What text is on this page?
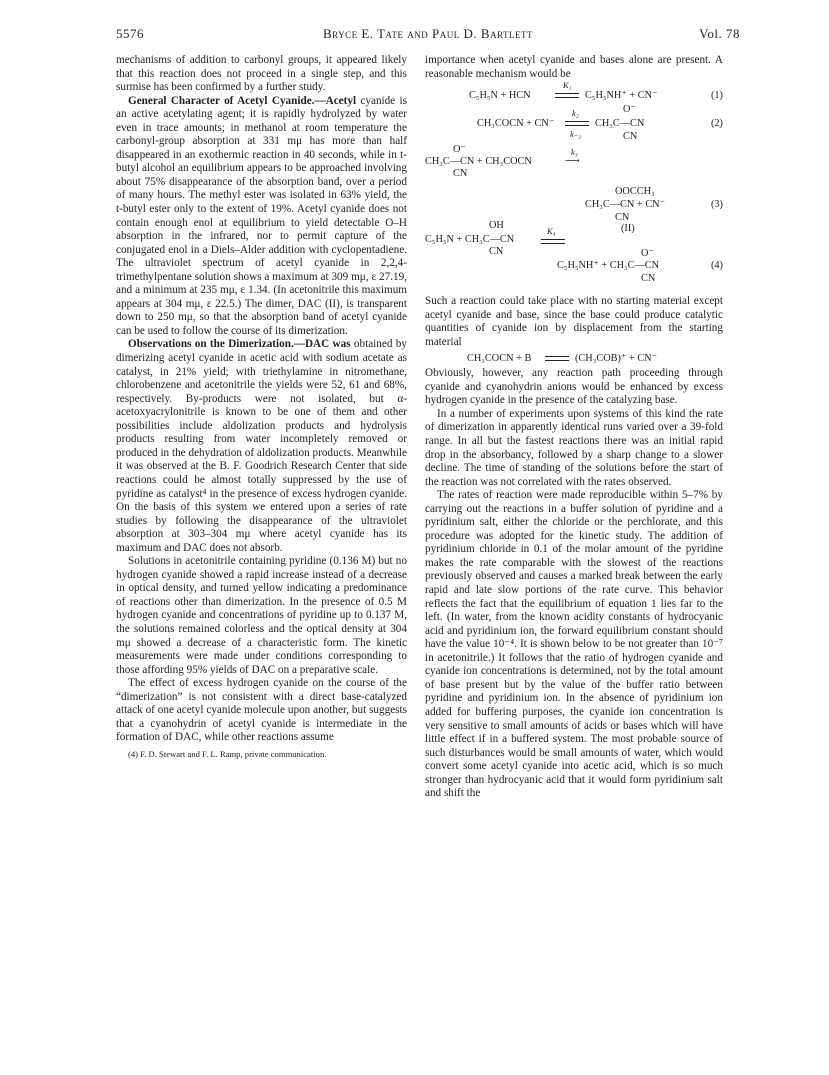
5576	Bryce E. Tate and Paul D. Bartlett	Vol. 78

mechanisms of addition to carbonyl groups, it appeared likely that this reaction does not proceed in a single step, and this surmise has been confirmed by a further study.

General Character of Acetyl Cyanide.—Acetyl cyanide is an active acetylating agent; it is rapidly hydrolyzed by water even in trace amounts; in methanol at room temperature the carbonyl-group absorption at 331 mμ has more than half disappeared in an exothermic reaction in 40 seconds, while in t-butyl alcohol an equilibrium appears to be approached involving about 75% disappearance of the absorption band, over a period of many hours. The methyl ester was isolated in 63% yield, the t-butyl ester only to the extent of 19%. Acetyl cyanide does not contain enough enol at equilibrium to yield detectable O–H absorption in the infrared, nor to permit capture of the conjugated enol in a Diels–Alder addition with cyclopentadiene. The ultraviolet spectrum of acetyl cyanide in 2,2,4-trimethylpentane solution shows a maximum at 309 mμ, ε 27.19, and a minimum at 235 mμ, ε 1.34. (In acetonitrile this maximum appears at 304 mμ, ε 22.5.) The dimer, DAC (II), is transparent down to 250 mμ, so that the absorption band of acetyl cyanide can be used to follow the course of its dimerization.

Observations on the Dimerization.—DAC was obtained by dimerizing acetyl cyanide in acetic acid with sodium acetate as catalyst, in 21% yield; with triethylamine in nitromethane, chlorobenzene and acetonitrile the yields were 52, 61 and 68%, respectively. By-products were not isolated, but α-acetoxyacrylonitrile is known to be one of them and other possibilities include aldolization products and hydrolysis products resulting from water incompletely removed or produced in the dehydration of aldolization products. Meanwhile it was observed at the B. F. Goodrich Research Center that side reactions could be almost totally suppressed by the use of pyridine as catalyst⁴ in the presence of excess hydrogen cyanide. On the basis of this system we entered upon a series of rate studies by following the disappearance of the ultraviolet absorption at 303–304 mμ where acetyl cyanide has its maximum and DAC does not absorb.

Solutions in acetonitrile containing pyridine (0.136 M) but no hydrogen cyanide showed a rapid increase instead of a decrease in optical density, and turned yellow indicating a predominance of reactions other than dimerization. In the presence of 0.5 M hydrogen cyanide and concentrations of pyridine up to 0.137 M, the solutions remained colorless and the optical density at 304 mμ showed a decrease of a characteristic form. The kinetic measurements were made under conditions corresponding to those affording 95% yields of DAC on a preparative scale.

The effect of excess hydrogen cyanide on the course of the “dimerization” is not consistent with a direct base-catalyzed attack of one acetyl cyanide molecule upon another, but suggests that a cyanohydrin of acetyl cyanide is intermediate in the formation of DAC, while other reactions assume

(4) F. D. Stewart and F. L. Ramp, private communication.

importance when acetyl cyanide and bases alone are present. A reasonable mechanism would be

C₅H₅N + HCN
K₁
C₅H₅NH⁺ + CN⁻	(1)
O⁻
CH₃COCN + CN⁻
k₂
k₋₂
CH₃C—CN
CN
(2)
O⁻
CH₃C—CN + CH₃COCN
k₃
⟶
CN
OOCCH₃
CH₃C—CN + CN⁻
CN
(3)
(II)
OH
C₅H₅N + CH₃C—CN
K₄
CN	O⁻
C₅H₅NH⁺ + CH₃C—CN
CN
(4)

Such a reaction could take place with no starting material except acetyl cyanide and base, since the base could produce catalytic quantities of cyanide ion by displacement from the starting material

CH₃COCN + B	(CH₃COB)⁺ + CN⁻

Obviously, however, any reaction path proceeding through cyanide and cyanohydrin anions would be enhanced by excess hydrogen cyanide in the presence of the catalyzing base.

In a number of experiments upon systems of this kind the rate of dimerization in apparently identical runs varied over a 39-fold range. In all but the fastest reactions there was an initial rapid drop in the absorbancy, followed by a sharp change to a slower decline. The time of standing of the solutions before the start of the reaction was not correlated with the rates observed.

The rates of reaction were made reproducible within 5–7% by carrying out the reactions in a buffer solution of pyridine and a pyridinium salt, either the chloride or the perchlorate, and this procedure was adopted for the kinetic study. The addition of pyridinium chloride in 0.1 of the molar amount of the pyridine makes the rate comparable with the slowest of the reactions previously observed and causes a marked break between the early rapid and late slow portions of the rate curve. This behavior reflects the fact that the equilibrium of equation 1 lies far to the left. (In water, from the known acidity constants of hydrocyanic acid and pyridinium ion, the forward equilibrium constant should have the value 10⁻⁴. It is shown below to be not greater than 10⁻⁷ in acetonitrile.) It follows that the ratio of hydrogen cyanide and cyanide ion concentrations is determined, not by the total amount of base present but by the value of the buffer ratio between pyridine and pyridinium ion. In the absence of pyridinium ion added for buffering purposes, the cyanide ion concentration is very sensitive to small amounts of acids or bases which will have little effect if in a buffered system. The most probable source of such disturbances would be small amounts of water, which would convert some acetyl cyanide into acetic acid, which is so much stronger than hydrocyanic acid that it would form pyridinium salt and shift the
